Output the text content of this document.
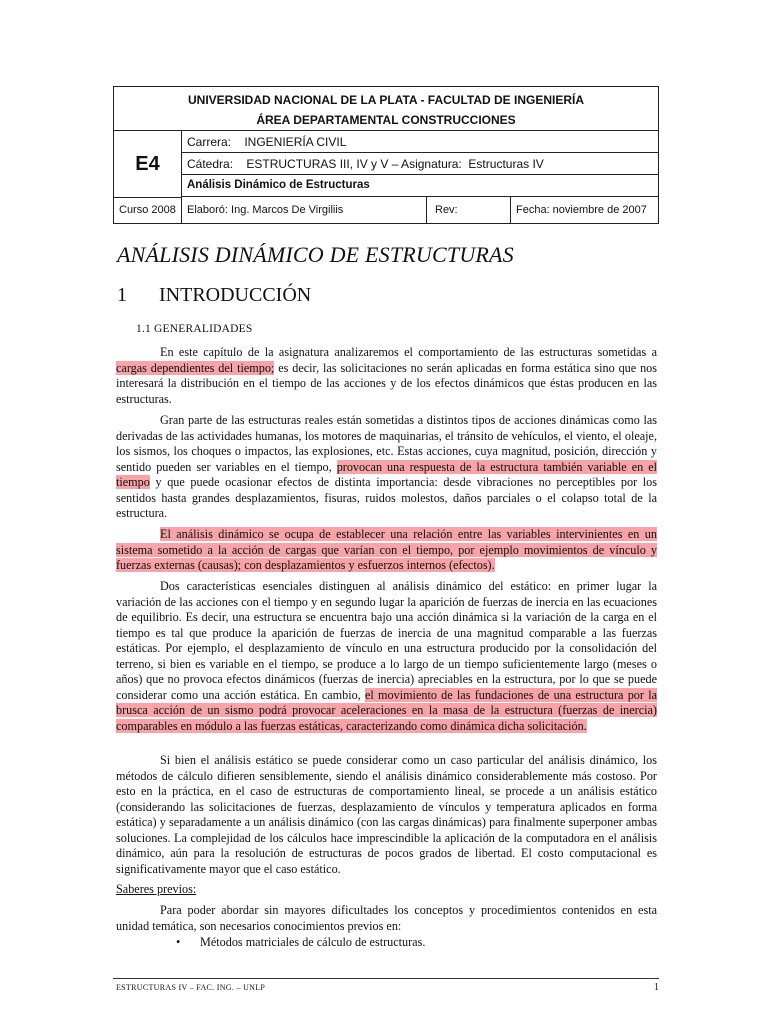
UNIVERSIDAD NACIONAL DE LA PLATA - FACULTAD DE INGENIERÍA
ÁREA DEPARTAMENTAL CONSTRUCCIONES
E4
Carrera:    INGENIERÍA CIVIL
Cátedra:    ESTRUCTURAS III, IV y V – Asignatura:  Estructuras IV
Análisis Dinámico de Estructuras
Curso 2008	Elaboró: Ing. Marcos De Virgiliis	Rev:	Fecha: noviembre de 2007
ANÁLISIS DINÁMICO DE ESTRUCTURAS
1 INTRODUCCIÓN
1.1 GENERALIDADES
En este capítulo de la asignatura analizaremos el comportamiento de las estructuras sometidas a cargas dependientes del tiempo; es decir, las solicitaciones no serán aplicadas en forma estática sino que nos interesará la distribución en el tiempo de las acciones y de los efectos dinámicos que éstas producen en las estructuras.
Gran parte de las estructuras reales están sometidas a distintos tipos de acciones dinámicas como las derivadas de las actividades humanas, los motores de maquinarias, el tránsito de vehículos, el viento, el oleaje, los sismos, los choques o impactos, las explosiones, etc. Estas acciones, cuya magnitud, posición, dirección y sentido pueden ser variables en el tiempo, provocan una respuesta de la estructura también variable en el tiempo y que puede ocasionar efectos de distinta importancia: desde vibraciones no perceptibles por los sentidos hasta grandes desplazamientos, fisuras, ruidos molestos, daños parciales o el colapso total de la estructura.
El análisis dinámico se ocupa de establecer una relación entre las variables intervinientes en un sistema sometido a la acción de cargas que varían con el tiempo, por ejemplo movimientos de vínculo y fuerzas externas (causas); con desplazamientos y esfuerzos internos (efectos).
Dos características esenciales distinguen al análisis dinámico del estático: en primer lugar la variación de las acciones con el tiempo y en segundo lugar la aparición de fuerzas de inercia en las ecuaciones de equilibrio. Es decir, una estructura se encuentra bajo una acción dinámica si la variación de la carga en el tiempo es tal que produce la aparición de fuerzas de inercia de una magnitud comparable a las fuerzas estáticas. Por ejemplo, el desplazamiento de vínculo en una estructura producido por la consolidación del terreno, si bien es variable en el tiempo, se produce a lo largo de un tiempo suficientemente largo (meses o años) que no provoca efectos dinámicos (fuerzas de inercia) apreciables en la estructura, por lo que se puede considerar como una acción estática. En cambio, el movimiento de las fundaciones de una estructura por la brusca acción de un sismo podrá provocar aceleraciones en la masa de la estructura (fuerzas de inercia) comparables en módulo a las fuerzas estáticas, caracterizando como dinámica dicha solicitación.
Si bien el análisis estático se puede considerar como un caso particular del análisis dinámico, los métodos de cálculo difieren sensiblemente, siendo el análisis dinámico considerablemente más costoso. Por esto en la práctica, en el caso de estructuras de comportamiento lineal, se procede a un análisis estático (considerando las solicitaciones de fuerzas, desplazamiento de vínculos y temperatura aplicados en forma estática) y separadamente a un análisis dinámico (con las cargas dinámicas) para finalmente superponer ambas soluciones. La complejidad de los cálculos hace imprescindible la aplicación de la computadora en el análisis dinámico, aún para la resolución de estructuras de pocos grados de libertad. El costo computacional es significativamente mayor que el caso estático.
Saberes previos:
Para poder abordar sin mayores dificultades los conceptos y procedimientos contenidos en esta unidad temática, son necesarios conocimientos previos en:
• Métodos matriciales de cálculo de estructuras.
ESTRUCTURAS IV – FAC. ING. – UNLP	1
